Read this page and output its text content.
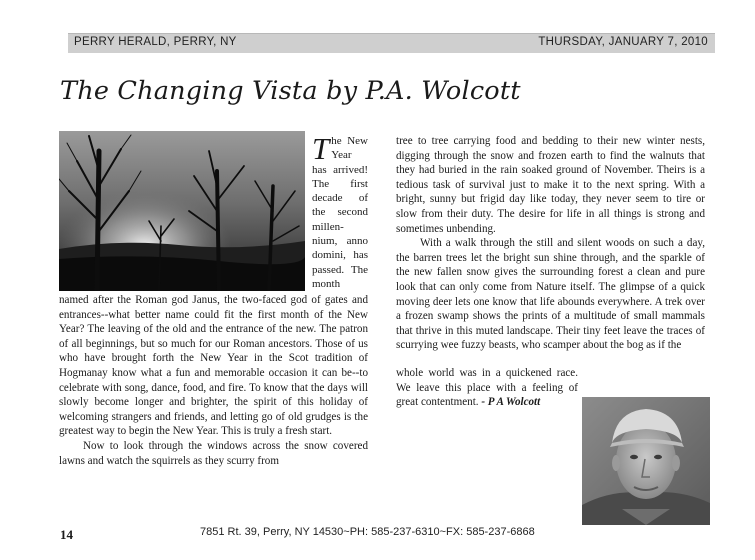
PERRY HERALD, PERRY, NY	THURSDAY, JANUARY 7, 2010
The Changing Vista by P.A. Wolcott
The New Year has arrived! The first decade of the second millen-nium, anno domini, has passed. The month

named after the Roman god Janus, the two-faced god of gates and entrances--what better name could fit the first month of the New Year? The leaving of the old and the entrance of the new. The patron of all beginnings, but so much for our Roman ancestors. Those of us who have brought forth the New Year in the Scot tradition of Hogmanay know what a fun and memorable occasion it can be--to celebrate with song, dance, food, and fire. To know that the days will slowly become longer and brighter, the spirit of this holiday of welcoming strangers and friends, and letting go of old grudges is the greatest way to begin the New Year. This is truly a fresh start.

Now to look through the windows across the snow covered lawns and watch the squirrels as they scurry from

tree to tree carrying food and bedding to their new winter nests, digging through the snow and frozen earth to find the walnuts that they had buried in the rain soaked ground of November. Theirs is a tedious task of survival just to make it to the next spring. With a bright, sunny but frigid day like today, they never seem to tire or slow from their duty. The desire for life in all things is strong and sometimes unbending.

With a walk through the still and silent woods on such a day, the barren trees let the bright sun shine through, and the sparkle of the new fallen snow gives the surrounding forest a clean and pure look that can only come from Nature itself. The glimpse of a quick moving deer lets one know that life abounds everywhere. A trek over a frozen swamp shows the prints of a multitude of small mammals that thrive in this muted landscape. Their tiny feet leave the traces of scurrying wee fuzzy beasts, who scamper about the bog as if the

whole world was in a quickened race. We leave this place with a feeling of great contentment. - P A Wolcott
14	7851 Rt. 39, Perry, NY 14530~PH: 585-237-6310~FX: 585-237-6868
